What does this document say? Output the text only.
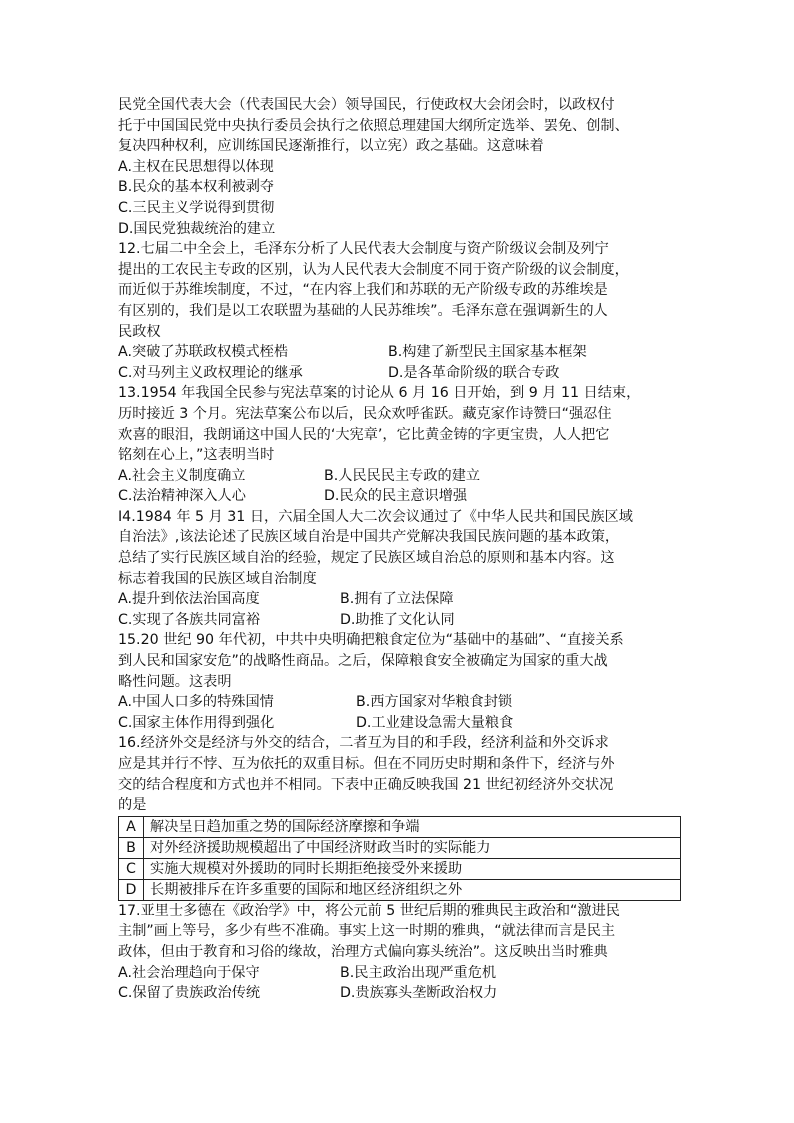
民党全国代表大会（代表国民大会）领导国民，行使政权大会闭会时，以政权付

托于中国国民党中央执行委员会执行之依照总理建国大纲所定选举、罢免、创制、

复决四种权利，应训练国民逐渐推行，以立宪）政之基础。这意味着

A.主权在民思想得以体现

B.民众的基本权利被剥夺

C.三民主义学说得到贯彻

D.国民党独裁统治的建立

12.七届二中全会上，毛泽东分析了人民代表大会制度与资产阶级议会制及列宁

提出的工农民主专政的区别，认为人民代表大会制度不同于资产阶级的议会制度，

而近似于苏维埃制度，不过，“在内容上我们和苏联的无产阶级专政的苏维埃是

有区别的，我们是以工农联盟为基础的人民苏维埃”。毛泽东意在强调新生的人

民政权

A.突破了苏联政权模式桎梏	B.构建了新型民主国家基本框架
C.对马列主义政权理论的继承	D.是各革命阶级的联合专政

13.1954 年我国全民参与宪法草案的讨论从 6 月 16 日开始，到 9 月 11 日结束，

历时接近 3 个月。宪法草案公布以后，民众欢呼雀跃。藏克家作诗赞曰“强忍住

欢喜的眼泪，我朗诵这中国人民的‘大宪章’，它比黄金铸的字更宝贵，人人把它

铭刻在心上，”这表明当时

A.社会主义制度确立	B.人民民民主专政的建立
C.法治精神深入人心	D.民众的民主意识增强

I4.1984 年 5 月 31 日，六届全国人大二次会议通过了《中华人民共和国民族区域

自治法》,该法论述了民族区域自治是中国共产党解决我国民族问题的基本政策，

总结了实行民族区域自治的经验，规定了民族区域自治总的原则和基本内容。这

标志着我国的民族区域自治制度

A.提升到依法治国高度	B.拥有了立法保障
C.实现了各族共同富裕	D.助推了文化认同

15.20 世纪 90 年代初，中共中央明确把粮食定位为“基础中的基础”、“直接关系

到人民和国家安危”的战略性商品。之后，保障粮食安全被确定为国家的重大战

略性问题。这表明

A.中国人口多的特殊国情	B.西方国家对华粮食封锁
C.国家主体作用得到强化	D.工业建设急需大量粮食

16.经济外交是经济与外交的结合，二者互为目的和手段，经济利益和外交诉求

应是其并行不悖、互为依托的双重目标。但在不同历史时期和条件下，经济与外

交的结合程度和方式也并不相同。下表中正确反映我国 21 世纪初经济外交状况

的是

A	解决呈日趋加重之势的国际经济摩擦和争端
B	对外经济援助规模超出了中国经济财政当时的实际能力
C	实施大规模对外援助的同时长期拒绝接受外来援助
D	长期被排斥在许多重要的国际和地区经济组织之外

17.亚里士多德在《政治学》中，将公元前 5 世纪后期的雅典民主政治和“激进民

主制”画上等号，多少有些不准确。事实上这一时期的雅典，“就法律而言是民主

政体，但由于教育和习俗的缘故，治理方式偏向寡头统治”。这反映出当时雅典

A.社会治理趋向于保守	B.民主政治出现严重危机
C.保留了贵族政治传统	D.贵族寡头垄断政治权力
